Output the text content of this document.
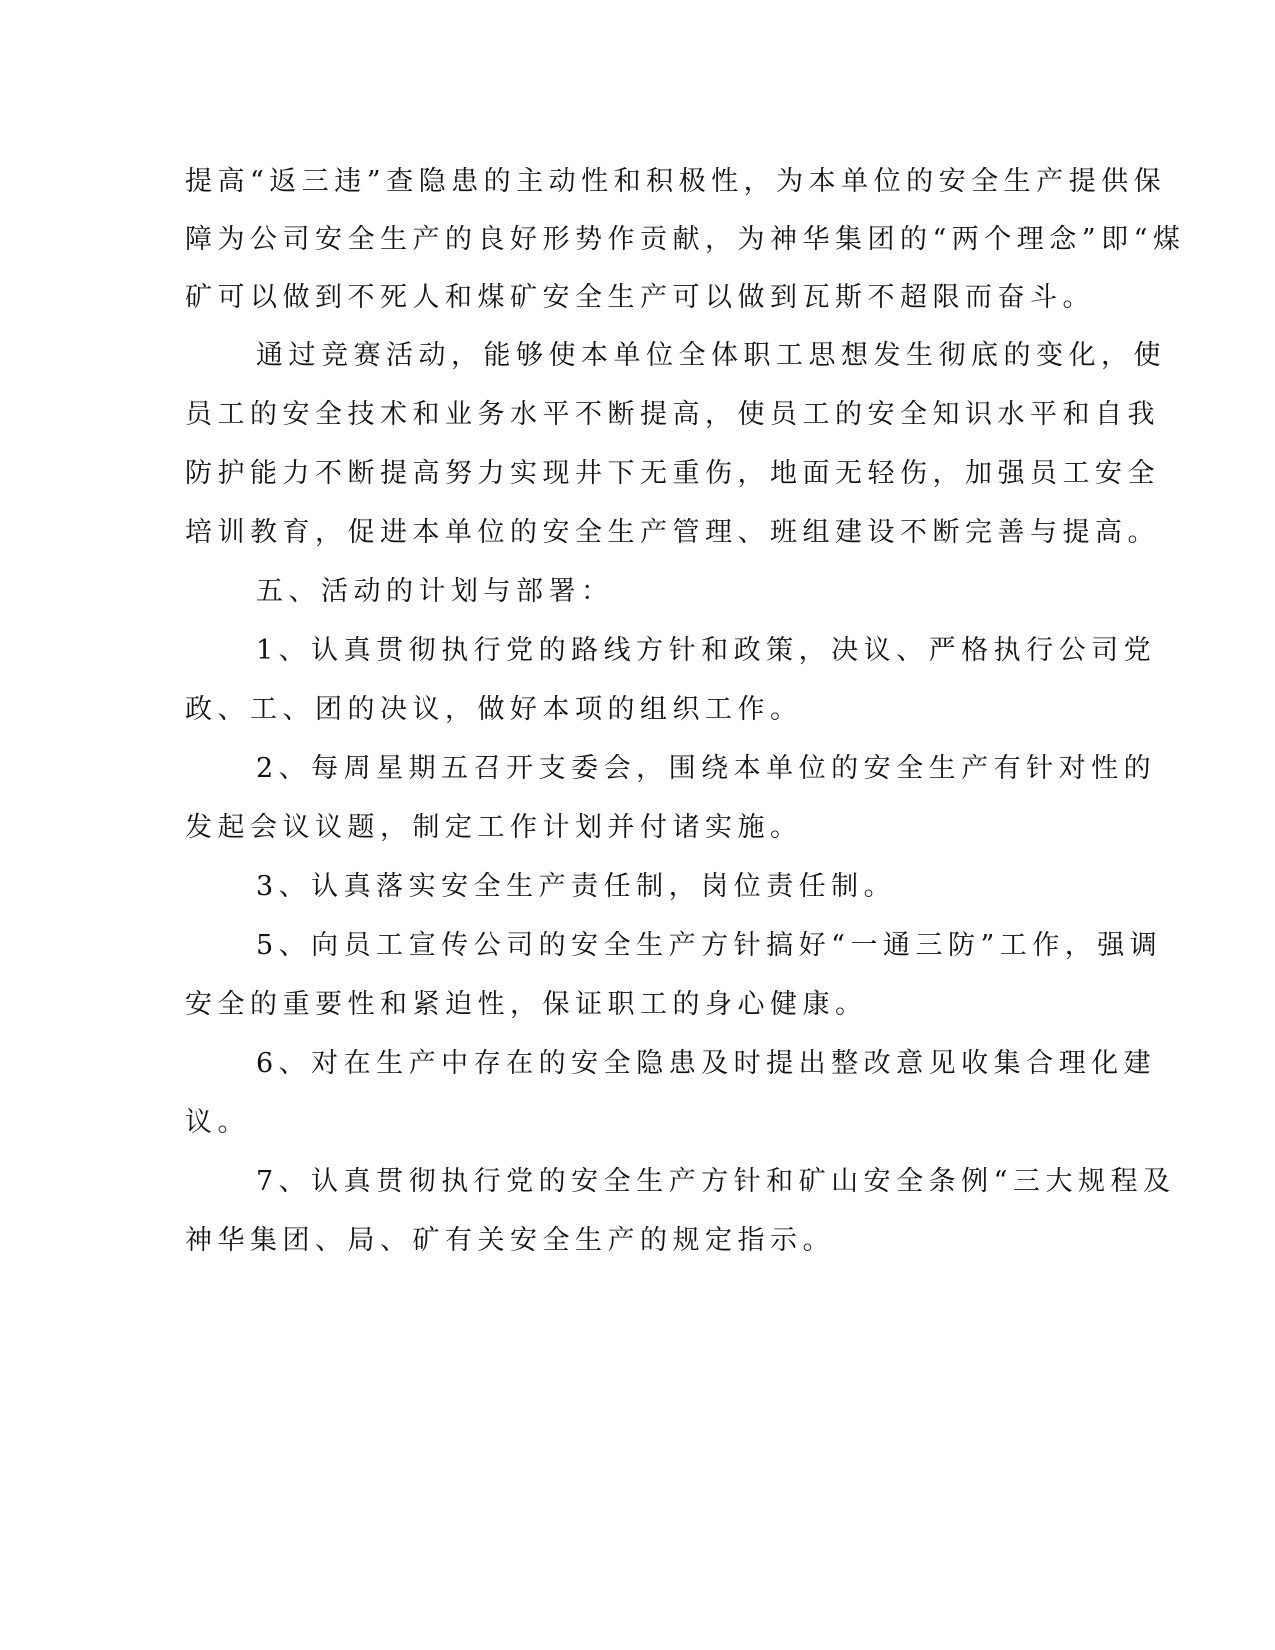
提高“返三违”查隐患的主动性和积极性，为本单位的安全生产提供保

障为公司安全生产的良好形势作贡献，为神华集团的“两个理念”即“煤

矿可以做到不死人和煤矿安全生产可以做到瓦斯不超限而奋斗。

通过竞赛活动，能够使本单位全体职工思想发生彻底的变化，使

员工的安全技术和业务水平不断提高，使员工的安全知识水平和自我

防护能力不断提高努力实现井下无重伤，地面无轻伤，加强员工安全

培训教育，促进本单位的安全生产管理、班组建设不断完善与提高。

五、活动的计划与部署：

1、认真贯彻执行党的路线方针和政策，决议、严格执行公司党

政、工、团的决议，做好本项的组织工作。

2、每周星期五召开支委会，围绕本单位的安全生产有针对性的

发起会议议题，制定工作计划并付诸实施。

3、认真落实安全生产责任制，岗位责任制。

5、向员工宣传公司的安全生产方针搞好“一通三防”工作，强调

安全的重要性和紧迫性，保证职工的身心健康。

6、对在生产中存在的安全隐患及时提出整改意见收集合理化建

议。

7、认真贯彻执行党的安全生产方针和矿山安全条例“三大规程及

神华集团、局、矿有关安全生产的规定指示。
